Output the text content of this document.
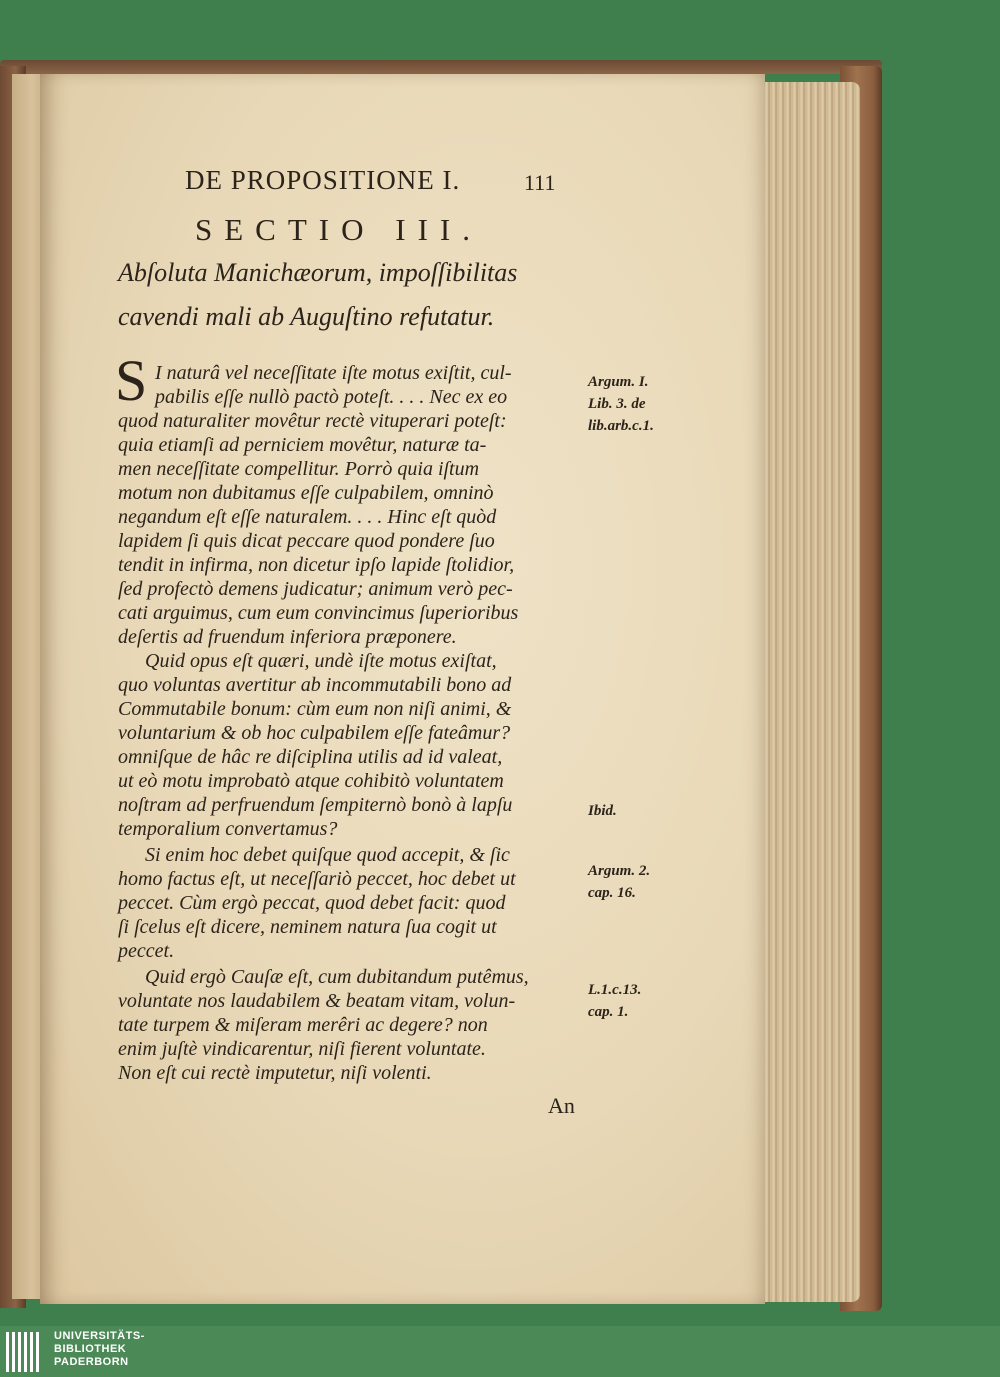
DE PROPOSITIONE I.	111
SECTIO III.
Abſoluta Manichæorum, impoſſibilitas
cavendi mali ab Auguſtino refutatur.
S I naturâ vel neceſſitate iſte motus exiſtit, cul-
pabilis eſſe nullò pactò poteſt. . . . Nec ex eo
quod naturaliter movêtur rectè vituperari poteſt:
quia etiamſi ad perniciem movêtur, naturæ ta-
men neceſſitate compellitur. Porrò quia iſtum
motum non dubitamus eſſe culpabilem, omninò
negandum eſt eſſe naturalem. . . . Hinc eſt quòd
lapidem ſi quis dicat peccare quod pondere ſuo
tendit in infirma, non dicetur ipſo lapide ſtolidior,
ſed profectò demens judicatur; animum verò pec-
cati arguimus, cum eum convincimus ſuperioribus
deſertis ad fruendum inferiora præponere.
Quid opus eſt quæri, undè iſte motus exiſtat,
quo voluntas avertitur ab incommutabili bono ad
Commutabile bonum: cùm eum non niſi animi, &
voluntarium & ob hoc culpabilem eſſe fateâmur?
omniſque de hâc re diſciplina utilis ad id valeat,
ut eò motu improbatò atque cohibitò voluntatem
noſtram ad perfruendum ſempiternò bonò à lapſu
temporalium convertamus?
Si enim hoc debet quiſque quod accepit, & ſic
homo factus eſt, ut neceſſariò peccet, hoc debet ut
peccet. Cùm ergò peccat, quod debet facit: quod
ſi ſcelus eſt dicere, neminem natura ſua cogit ut
peccet.
Quid ergò Cauſæ eſt, cum dubitandum putêmus,
voluntate nos laudabilem & beatam vitam, volun-
tate turpem & miſeram merêri ac degere? non
enim juſtè vindicarentur, niſi fierent voluntate.
Non eſt cui rectè imputetur, niſi volenti.
Argum. I.
Lib. 3. de
lib.arb.c.1.
Ibid.
Argum. 2.
cap. 16.
L.1.c.13.
cap. 1.
An
UNIVERSITÄTS-
BIBLIOTHEK
PADERBORN
